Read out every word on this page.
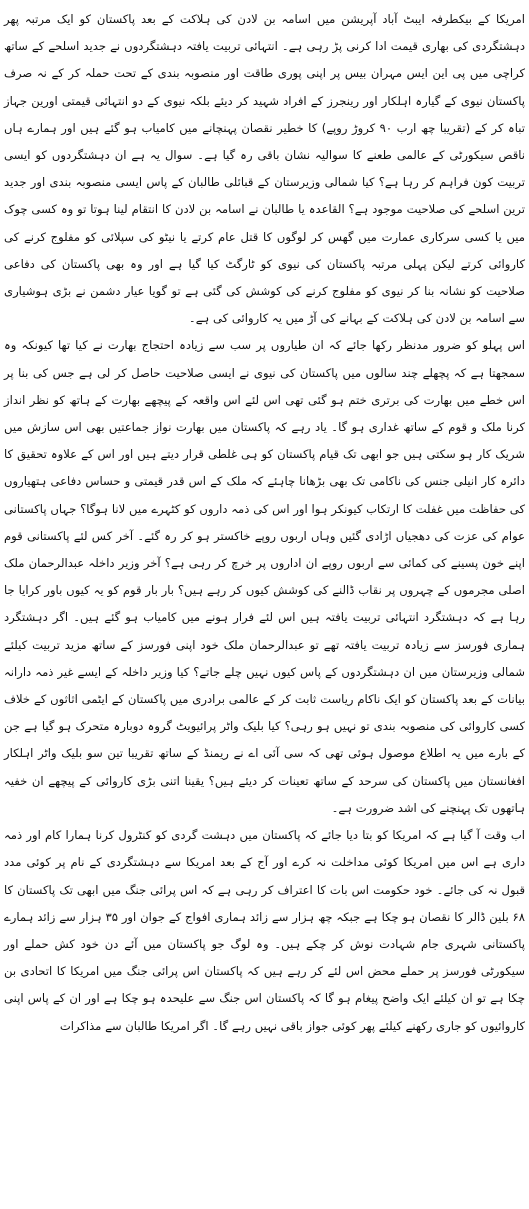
امریکا کے بیکطرفہ ایبٹ آباد آپریشن میں اسامہ بن لادن کی ہلاکت کے بعد پاکستان کو ایک مرتبہ پھر دہشتگردی کی بھاری قیمت ادا کرنی پڑ رہی ہے۔ انتہائی تربیت یافتہ دہشتگردوں نے جدید اسلحے کے ساتھ کراچی میں پی این ایس مہران بیس پر اپنی پوری طاقت اور منصوبہ بندی کے تحت حملہ کر کے نہ صرف پاکستان نیوی کے گیارہ اہلکار اور رینجرز کے افراد شہید کر دیئے بلکہ نیوی کے دو انتہائی قیمتی اورین جہاز تباہ کر کے (تقریبا چھ ارب ۹۰ کروڑ روپے) کا خطیر نقصان پہنچانے میں کامیاب ہو گئے ہیں اور ہمارے ہاں ناقص سیکورٹی کے عالمی طعنے کا سوالیہ نشان باقی رہ گیا ہے۔ سوال یہ ہے ان دہشتگردوں کو ایسی تربیت کون فراہم کر رہا ہے؟ کیا شمالی وزیرستان کے قبائلی طالبان کے پاس ایسی منصوبہ بندی اور جدید ترین اسلحے کی صلاحیت موجود ہے؟ القاعدہ یا طالبان نے اسامہ بن لادن کا انتقام لینا ہوتا تو وہ کسی چوک میں یا کسی سرکاری عمارت میں گھس کر لوگوں کا قتل عام کرتے یا نیٹو کی سپلائی کو مفلوج کرنے کی کاروائی کرتے لیکن پہلی مرتبہ پاکستان کی نیوی کو ٹارگٹ کیا گیا ہے اور وہ بھی پاکستان کی دفاعی صلاحیت کو نشانہ بنا کر نیوی کو مفلوج کرنے کی کوشش کی گئی ہے تو گویا عیار دشمن نے بڑی ہوشیاری سے اسامہ بن لادن کی ہلاکت کے بہانے کی آڑ میں یہ کاروائی کی ہے۔

اس پہلو کو ضرور مدنظر رکھا جائے کہ ان طیاروں پر سب سے زیادہ احتجاج بھارت نے کیا تھا کیونکہ وہ سمجھتا ہے کہ پچھلے چند سالوں میں پاکستان کی نیوی نے ایسی صلاحیت حاصل کر لی ہے جس کی بنا پر اس خطے میں بھارت کی برتری ختم ہو گئی تھی اس لئے اس واقعہ کے پیچھے بھارت کے ہاتھ کو نظر انداز کرنا ملک و قوم کے ساتھ غداری ہو گا۔ یاد رہے کہ پاکستان میں بھارت نواز جماعتیں بھی اس سازش میں شریک کار ہو سکتی ہیں جو ابھی تک قیام پاکستان کو ہی غلطی قرار دیتے ہیں اور اس کے علاوہ تحقیق کا دائرہ کار انیلی جنس کی ناکامی تک بھی بڑھانا چاہئے کہ ملک کے اس قدر قیمتی و حساس دفاعی ہتھیاروں کی حفاظت میں غفلت کا ارتکاب کیونکر ہوا اور اس کی ذمہ داروں کو کٹہرے میں لانا ہوگا؟ جہاں پاکستانی عوام کی عزت کی دھجیاں اڑادی گئیں وہاں اربوں روپے خاکستر ہو کر رہ گئے۔ آخر کس لئے پاکستانی قوم اپنے خون پسینے کی کمائی سے اربوں روپے ان اداروں پر خرچ کر رہی ہے؟ آخر وزیر داخلہ عبدالرحمان ملک اصلی مجرموں کے چہروں پر نقاب ڈالنے کی کوشش کیوں کر رہے ہیں؟ بار بار قوم کو یہ کیوں باور کرایا جا رہا ہے کہ دہشتگرد انتہائی تربیت یافتہ ہیں اس لئے فرار ہونے میں کامیاب ہو گئے ہیں۔ اگر دہشتگرد ہماری فورسز سے زیادہ تربیت یافتہ تھے تو عبدالرحمان ملک خود اپنی فورسز کے ساتھ مزید تربیت کیلئے شمالی وزیرستان میں ان دہشتگردوں کے پاس کیوں نہیں چلے جاتے؟ کیا وزیر داخلہ کے ایسے غیر ذمہ دارانہ بیانات کے بعد پاکستان کو ایک ناکام ریاست ثابت کر کے عالمی برادری میں پاکستان کے ایٹمی اثاثوں کے خلاف کسی کاروائی کی منصوبہ بندی تو نہیں ہو رہی؟ کیا بلیک واٹر پرائیویٹ گروہ دوبارہ متحرک ہو گیا ہے جن کے بارے میں یہ اطلاع موصول ہوئی تھی کہ سی آئی اے نے ریمنڈ کے ساتھ تقریبا تین سو بلیک واٹر اہلکار افغانستان میں پاکستان کی سرحد کے ساتھ تعینات کر دیئے ہیں؟ یقینا اتنی بڑی کاروائی کے پیچھے ان خفیہ ہاتھوں تک پہنچنے کی اشد ضرورت ہے۔

اب وقت آ گیا ہے کہ امریکا کو بتا دیا جائے کہ پاکستان میں دہشت گردی کو کنٹرول کرنا ہمارا کام اور ذمہ داری ہے اس میں امریکا کوئی مداخلت نہ کرے اور آج کے بعد امریکا سے دہشتگردی کے نام پر کوئی مدد قبول نہ کی جائے۔ خود حکومت اس بات کا اعتراف کر رہی ہے کہ اس پرائی جنگ میں ابھی تک پاکستان کا ۶۸ بلین ڈالر کا نقصان ہو چکا ہے جبکہ چھ ہزار سے زائد ہماری افواج کے جوان اور ۳۵ ہزار سے زائد ہمارے پاکستانی شہری جام شہادت نوش کر چکے ہیں۔ وہ لوگ جو پاکستان میں آئے دن خود کش حملے اور سیکورٹی فورسز پر حملے محض اس لئے کر رہے ہیں کہ پاکستان اس پرائی جنگ میں امریکا کا اتحادی بن چکا ہے تو ان کیلئے ایک واضح پیغام ہو گا کہ پاکستان اس جنگ سے علیحدہ ہو چکا ہے اور ان کے پاس اپنی کاروائیوں کو جاری رکھنے کیلئے پھر کوئی جواز باقی نہیں رہے گا۔ اگر امریکا طالبان سے مذاکرات
